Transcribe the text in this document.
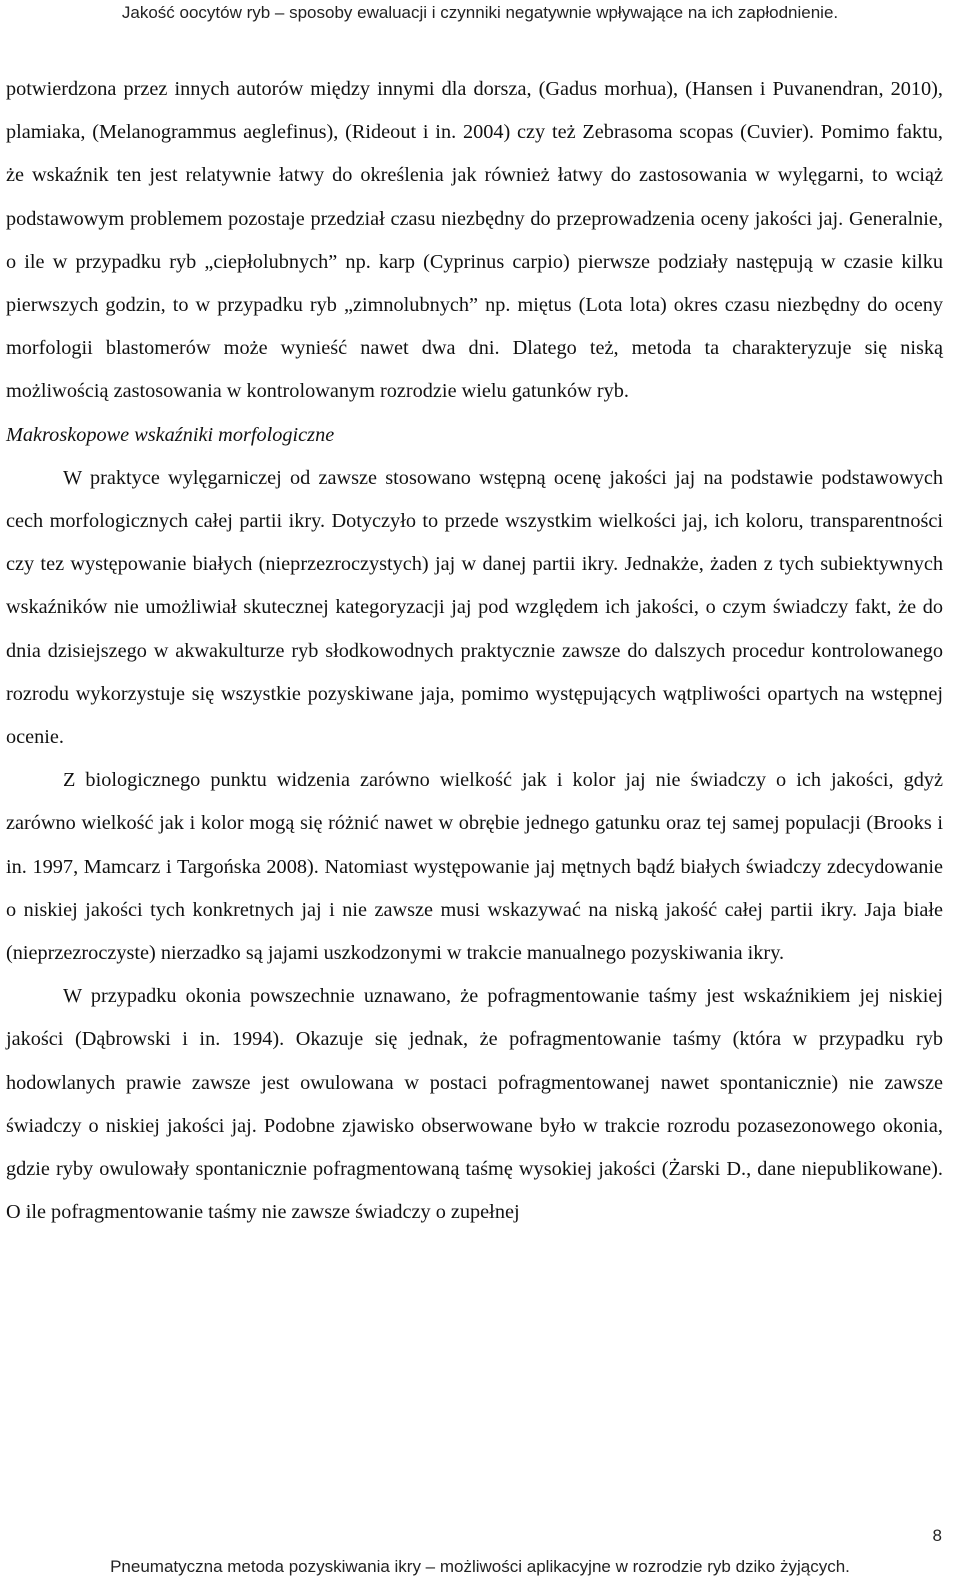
Jakość oocytów ryb – sposoby ewaluacji i czynniki negatywnie wpływające na ich zapłodnienie.

potwierdzona przez innych autorów między innymi dla dorsza, (Gadus morhua), (Hansen i Puvanendran, 2010), plamiaka, (Melanogrammus aeglefinus), (Rideout i in. 2004) czy też Zebrasoma scopas (Cuvier). Pomimo faktu, że wskaźnik ten jest relatywnie łatwy do określenia jak również łatwy do zastosowania w wylęgarni, to wciąż podstawowym problemem pozostaje przedział czasu niezbędny do przeprowadzenia oceny jakości jaj. Generalnie, o ile w przypadku ryb „ciepłolubnych” np. karp (Cyprinus carpio) pierwsze podziały następują w czasie kilku pierwszych godzin, to w przypadku ryb „zimnolubnych” np. miętus (Lota lota) okres czasu niezbędny do oceny morfologii blastomerów może wynieść nawet dwa dni. Dlatego też, metoda ta charakteryzuje się niską możliwością zastosowania w kontrolowanym rozrodzie wielu gatunków ryb.

Makroskopowe wskaźniki morfologiczne

W praktyce wylęgarniczej od zawsze stosowano wstępną ocenę jakości jaj na podstawie podstawowych cech morfologicznych całej partii ikry. Dotyczyło to przede wszystkim wielkości jaj, ich koloru, transparentności czy tez występowanie białych (nieprzezroczystych) jaj w danej partii ikry. Jednakże, żaden z tych subiektywnych wskaźników nie umożliwiał skutecznej kategoryzacji jaj pod względem ich jakości, o czym świadczy fakt, że do dnia dzisiejszego w akwakulturze ryb słodkowodnych praktycznie zawsze do dalszych procedur kontrolowanego rozrodu wykorzystuje się wszystkie pozyskiwane jaja, pomimo występujących wątpliwości opartych na wstępnej ocenie.

Z biologicznego punktu widzenia zarówno wielkość jak i kolor jaj nie świadczy o ich jakości, gdyż zarówno wielkość jak i kolor mogą się różnić nawet w obrębie jednego gatunku oraz tej samej populacji (Brooks i in. 1997, Mamcarz i Targońska 2008). Natomiast występowanie jaj mętnych bądź białych świadczy zdecydowanie o niskiej jakości tych konkretnych jaj i nie zawsze musi wskazywać na niską jakość całej partii ikry. Jaja białe (nieprzezroczyste) nierzadko są jajami uszkodzonymi w trakcie manualnego pozyskiwania ikry.

W przypadku okonia powszechnie uznawano, że pofragmentowanie taśmy jest wskaźnikiem jej niskiej jakości (Dąbrowski i in. 1994). Okazuje się jednak, że pofragmentowanie taśmy (która w przypadku ryb hodowlanych prawie zawsze jest owulowana w postaci pofragmentowanej nawet spontanicznie) nie zawsze świadczy o niskiej jakości jaj. Podobne zjawisko obserwowane było w trakcie rozrodu pozasezonowego okonia, gdzie ryby owulowały spontanicznie pofragmentowaną taśmę wysokiej jakości (Żarski D., dane niepublikowane). O ile pofragmentowanie taśmy nie zawsze świadczy o zupełnej

8
Pneumatyczna metoda pozyskiwania ikry – możliwości aplikacyjne w rozrodzie ryb dziko żyjących.
